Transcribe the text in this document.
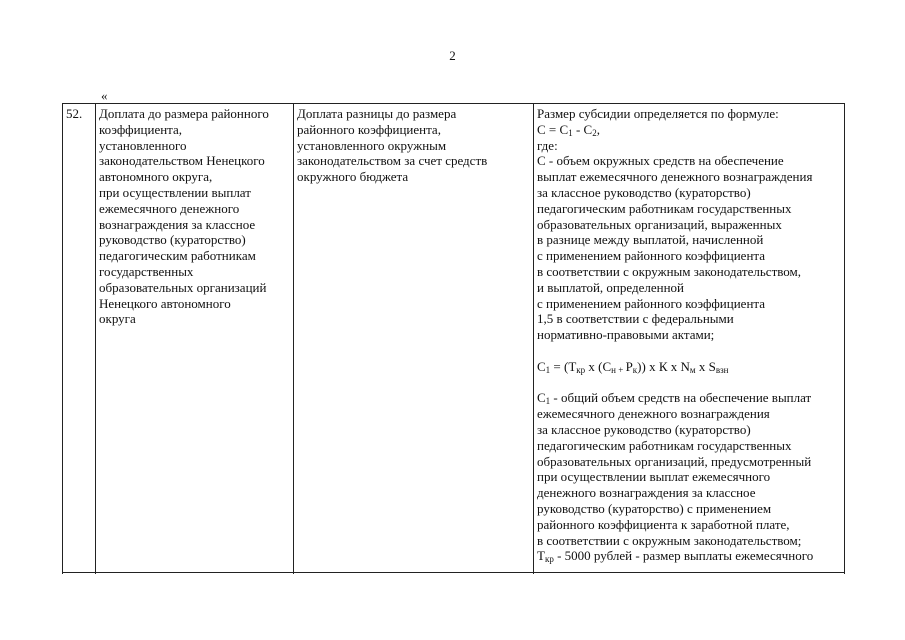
2
«
52.	Доплата до размера районного
коэффициента,
установленного
законодательством Ненецкого
автономного округа,
при осуществлении выплат
ежемесячного денежного
вознаграждения за классное
руководство (кураторство)
педагогическим работникам
государственных
образовательных организаций
Ненецкого автономного
округа	Доплата разницы до размера
районного коэффициента,
установленного окружным
законодательством за счет средств
окружного бюджета	Размер субсидии определяется по формуле:
$С = С_1 - С_2$,
где:
С - объем окружных средств на обеспечение
выплат ежемесячного денежного вознаграждения
за классное руководство (кураторство)
педагогическим работникам государственных
образовательных организаций, выраженных
в разнице между выплатой, начисленной
с применением районного коэффициента
в соответствии с окружным законодательством,
и выплатой, определенной
с применением районного коэффициента
1,5 в соответствии с федеральными
нормативно-правовыми актами;

$С_1 = (Т_{кр}$ х ($С_{н +}$ $Р_к$)) х К х $N_м$ х $S_{взн}$

$С_1$ - общий объем средств на обеспечение выплат
ежемесячного денежного вознаграждения
за классное руководство (кураторство)
педагогическим работникам государственных
образовательных организаций, предусмотренный
при осуществлении выплат ежемесячного
денежного вознаграждения за классное
руководство (кураторство) с применением
районного коэффициента к заработной плате,
в соответствии с окружным законодательством;
$Т_{кр} - 5000$ рублей - размер выплаты ежемесячного
